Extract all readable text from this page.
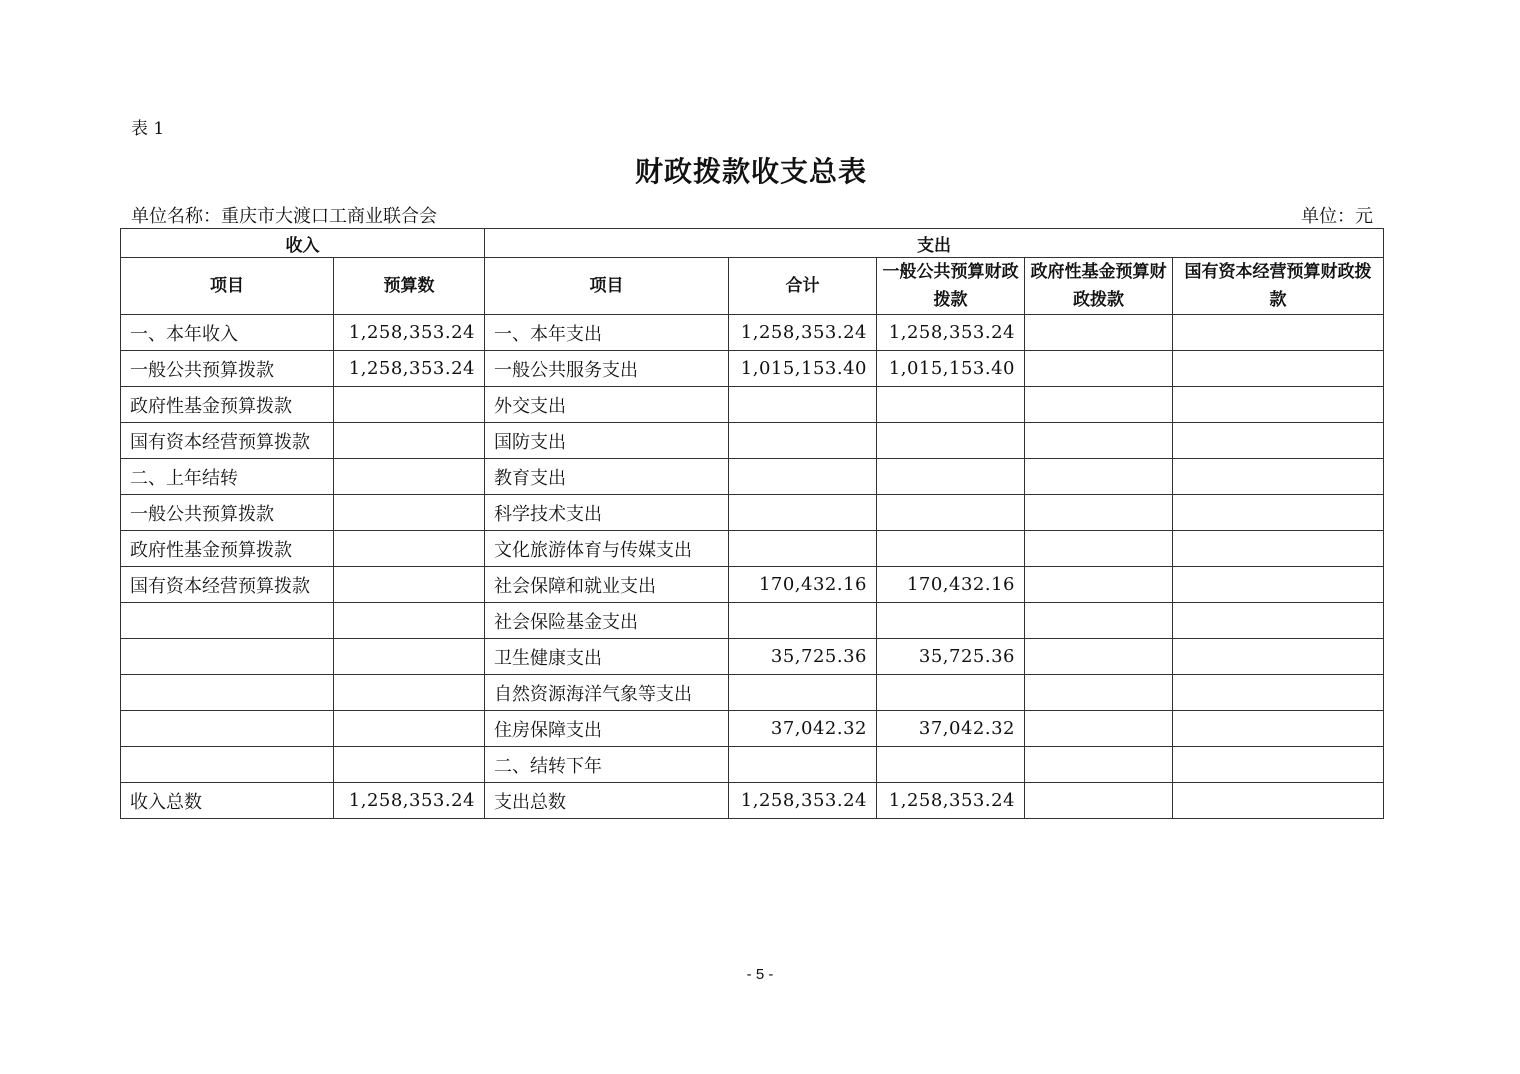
表 1
财政拨款收支总表
单位名称：重庆市大渡口工商业联合会	单位：元
收入		支出				
项目	预算数	项目	合计	一般公共预算财政拨款	政府性基金预算财政拨款	国有资本经营预算财政拨款
一、本年收入	1,258,353.24	一、本年支出	1,258,353.24	1,258,353.24		
一般公共预算拨款	1,258,353.24	一般公共服务支出	1,015,153.40	1,015,153.40		
政府性基金预算拨款		外交支出				
国有资本经营预算拨款		国防支出				
二、上年结转		教育支出				
一般公共预算拨款		科学技术支出				
政府性基金预算拨款		文化旅游体育与传媒支出				
国有资本经营预算拨款		社会保障和就业支出	170,432.16	170,432.16		
		社会保险基金支出				
		卫生健康支出	35,725.36	35,725.36		
		自然资源海洋气象等支出				
		住房保障支出	37,042.32	37,042.32		
		二、结转下年				
收入总数	1,258,353.24	支出总数	1,258,353.24	1,258,353.24		
- 5 -
